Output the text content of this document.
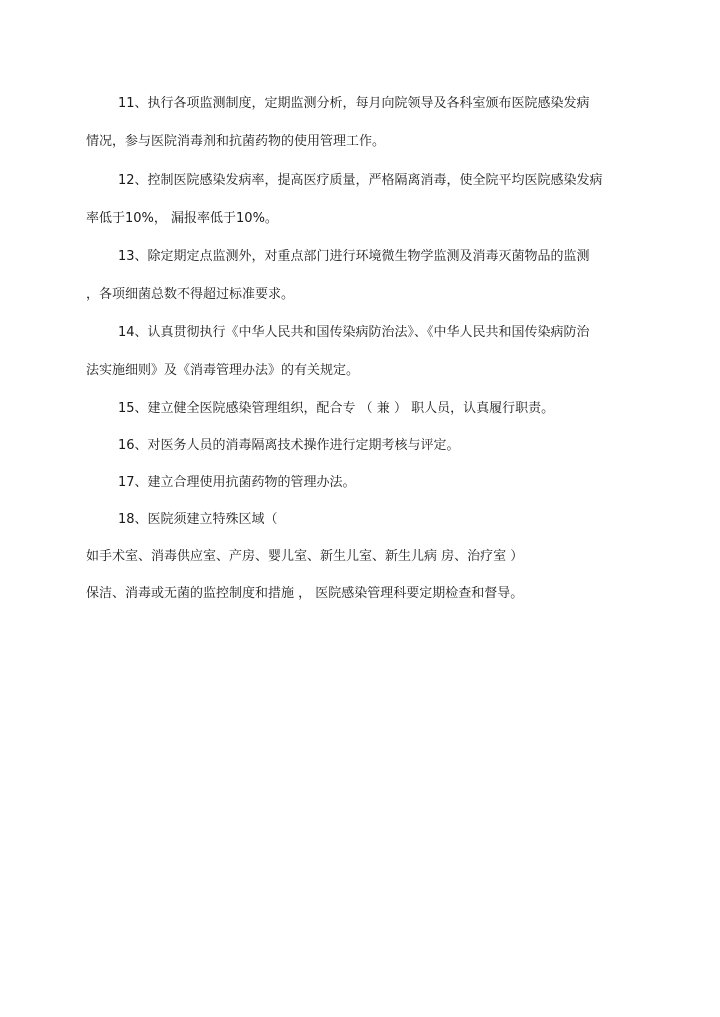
11、执行各项监测制度，定期监测分析，每月向院领导及各科室颁布医院感染发病
情况，参与医院消毒剂和抗菌药物的使用管理工作。
12、控制医院感染发病率，提高医疗质量，严格隔离消毒，使全院平均医院感染发病
率低于10%， 漏报率低于10%。
13、除定期定点监测外，对重点部门进行环境微生物学监测及消毒灭菌物品的监测
，各项细菌总数不得超过标准要求。
14、认真贯彻执行《中华人民共和国传染病防治法》、《中华人民共和国传染病防治
法实施细则》及《消毒管理办法》的有关规定。
15、建立健全医院感染管理组织，配合专 （ 兼 ） 职人员，认真履行职责。
16、对医务人员的消毒隔离技术操作进行定期考核与评定。
17、建立合理使用抗菌药物的管理办法。
18、医院须建立特殊区域（
如手术室、消毒供应室、产房、婴儿室、新生儿室、新生儿病 房、治疗室 ）
保洁、消毒或无菌的监控制度和措施 ， 医院感染管理科要定期检查和督导。
